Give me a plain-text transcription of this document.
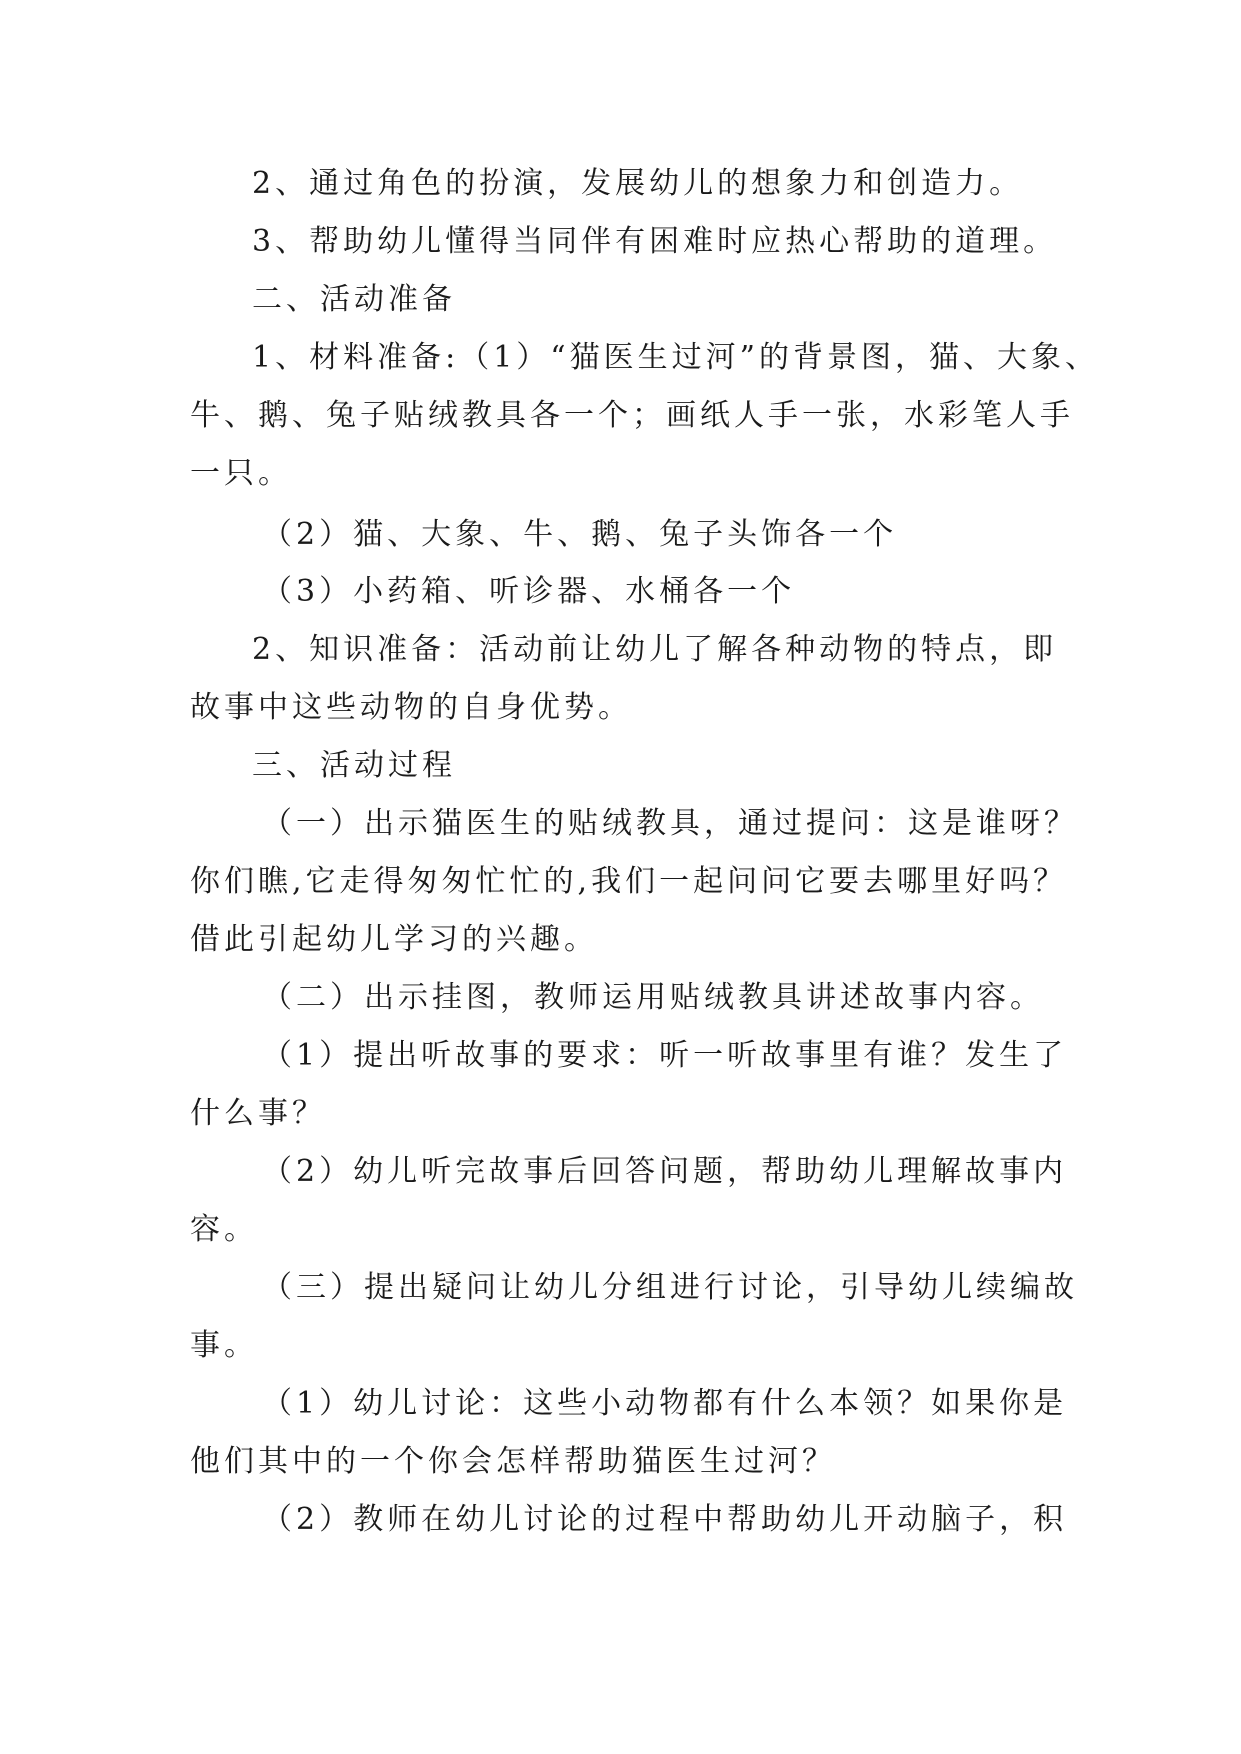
2、通过角色的扮演，发展幼儿的想象力和创造力。
3、帮助幼儿懂得当同伴有困难时应热心帮助的道理。
二、活动准备
1、材料准备:（1）“猫医生过河”的背景图，猫、大象、
牛、鹅、兔子贴绒教具各一个；画纸人手一张，水彩笔人手
一只。
（2）猫、大象、牛、鹅、兔子头饰各一个
（3）小药箱、听诊器、水桶各一个
2、知识准备：活动前让幼儿了解各种动物的特点，即
故事中这些动物的自身优势。
三、活动过程
（一）出示猫医生的贴绒教具，通过提问：这是谁呀？
你们瞧,它走得匆匆忙忙的,我们一起问问它要去哪里好吗？
借此引起幼儿学习的兴趣。
（二）出示挂图，教师运用贴绒教具讲述故事内容。
（1）提出听故事的要求：听一听故事里有谁？发生了
什么事？
（2）幼儿听完故事后回答问题，帮助幼儿理解故事内
容。
（三）提出疑问让幼儿分组进行讨论，引导幼儿续编故
事。
（1）幼儿讨论：这些小动物都有什么本领？如果你是
他们其中的一个你会怎样帮助猫医生过河？
（2）教师在幼儿讨论的过程中帮助幼儿开动脑子，积
